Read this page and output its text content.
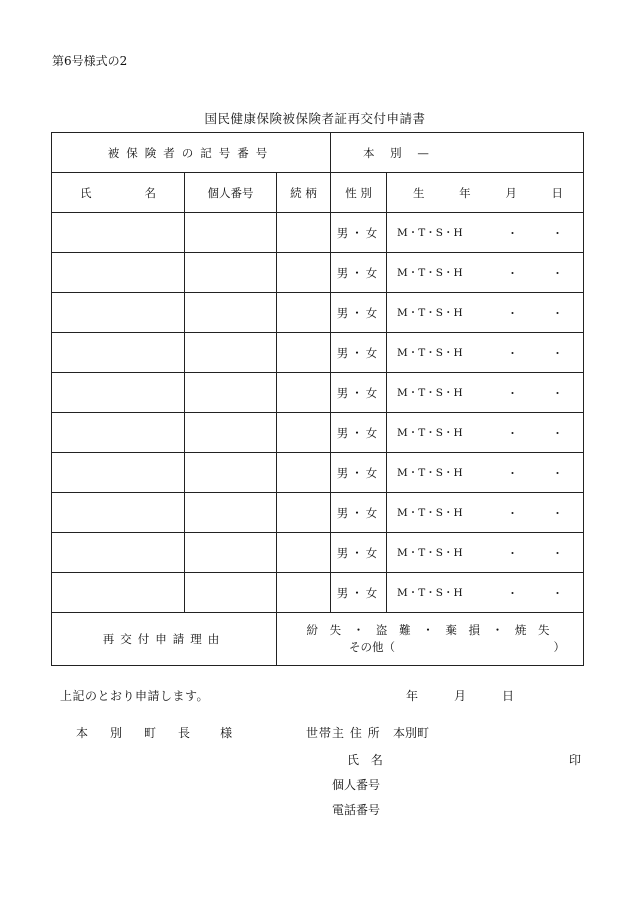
第6号様式の2
国民健康保険被保険者証再交付申請書
被保険者の記号番号			本 別 —	

氏 名	個人番号	続 柄	性 別	生 年 月 日

			男・女	M・T・S・H ・ ・

			男・女	M・T・S・H ・ ・

			男・女	M・T・S・H ・ ・

			男・女	M・T・S・H ・ ・

			男・女	M・T・S・H ・ ・

			男・女	M・T・S・H ・ ・

			男・女	M・T・S・H ・ ・

			男・女	M・T・S・H ・ ・

			男・女	M・T・S・H ・ ・

			男・女	M・T・S・H ・ ・

再交付申請理由		紛 失 ・ 盗 難 ・ 棄 損 ・ 焼 失
その他（ ）		
上記のとおり申請します。	年	月	日
本 別 町 長	様	世帯主 住 所 本別町
氏 名	印
個人番号
電話番号
